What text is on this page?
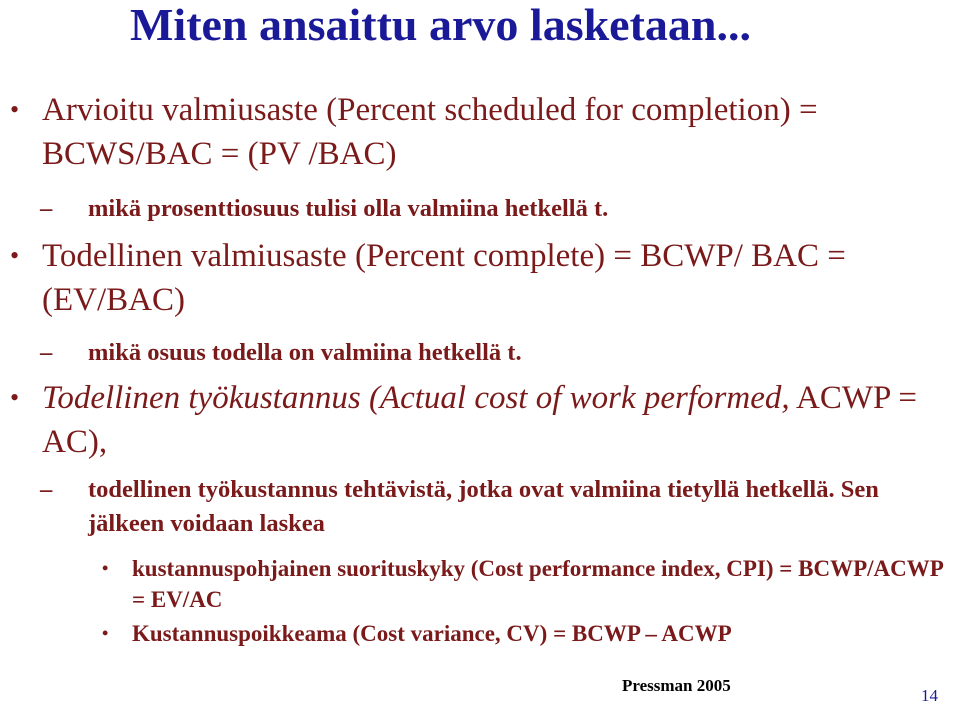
Miten ansaittu arvo lasketaan...
• Arvioitu valmiusaste (Percent scheduled for completion) = BCWS/BAC = (PV /BAC)
– mikä prosenttiosuus tulisi olla valmiina hetkellä t.
• Todellinen valmiusaste (Percent complete) = BCWP/ BAC = (EV/BAC)
– mikä osuus todella on valmiina hetkellä t.
• Todellinen työkustannus (Actual cost of work performed, ACWP = AC),
– todellinen työkustannus tehtävistä, jotka ovat valmiina tietyllä hetkellä. Sen jälkeen voidaan laskea
• kustannuspohjainen suorituskyky (Cost performance index, CPI) = BCWP/ACWP = EV/AC
• Kustannuspoikkeama (Cost variance, CV) = BCWP – ACWP
Pressman 2005
14
